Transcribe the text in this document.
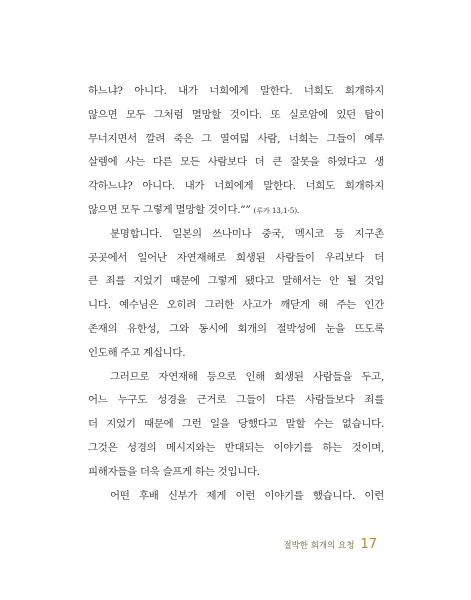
하느냐? 아니다. 내가 너희에게 말한다. 너희도 회개하지
않으면 모두 그처럼 멸망할 것이다. 또 실로암에 있던 탑이
무너지면서 깔려 죽은 그 열여덟 사람, 너희는 그들이 예루
살렘에 사는 다른 모든 사람보다 더 큰 잘못을 하였다고 생
각하느냐? 아니다. 내가 너희에게 말한다. 너희도 회개하지
않으면 모두 그렇게 멸망할 것이다.”” (루카 13,1-5).
분명합니다. 일본의 쓰나미나 중국, 멕시코 등 지구촌
곳곳에서 일어난 자연재해로 희생된 사람들이 우리보다 더
큰 죄를 지었기 때문에 그렇게 됐다고 말해서는 안 될 것입
니다. 예수님은 오히려 그러한 사고가 깨닫게 해 주는 인간
존재의 유한성, 그와 동시에 회개의 절박성에 눈을 뜨도록
인도해 주고 계십니다.
그러므로 자연재해 등으로 인해 희생된 사람들을 두고,
어느 누구도 성경을 근거로 그들이 다른 사람들보다 죄를
더 지었기 때문에 그런 일을 당했다고 말할 수는 없습니다.
그것은 성경의 메시지와는 반대되는 이야기를 하는 것이며,
피해자들을 더욱 슬프게 하는 것입니다.
어떤 후배 신부가 제게 이런 이야기를 했습니다. 이런
절박한 회개의 요청 17
